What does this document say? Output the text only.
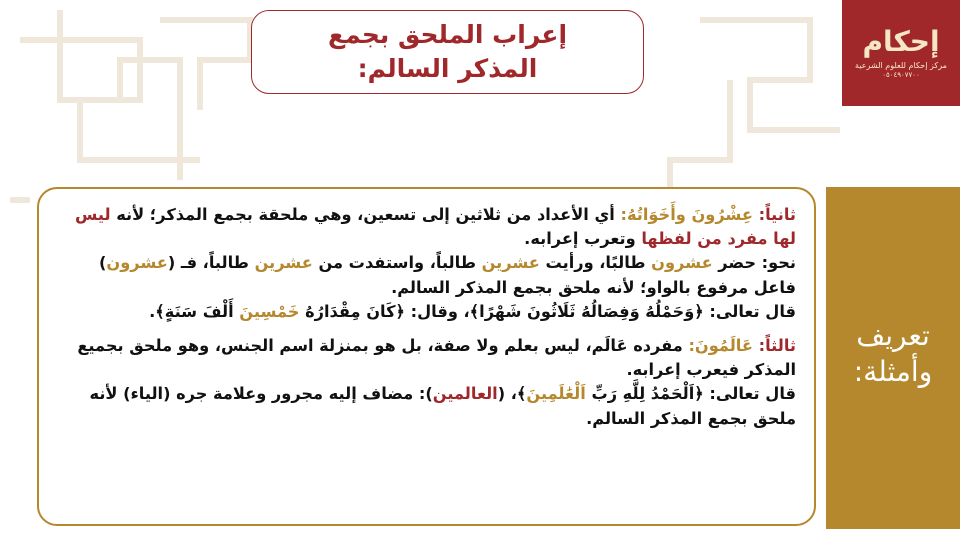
إعراب الملحق بجمع
المذكر السالم:
إحكام
مركز إحكام للعلوم الشرعية
٠٥٠٤٩٠٧٧٠٠
تعريف
وأمثلة:

ثانياً: عِشْرُونَ وأَخَوَاتُهُ: أي الأعداد من ثلاثين إلى تسعين، وهي ملحقة بجمع المذكر؛ لأنه ليس لها مفرد من لفظها وتعرب إعرابه.

نحو: حضر عشرون طالبًا، ورأيت عشرين طالباً، واستفدت من عشرين طالباً، فـ (عشرون) فاعل مرفوع بالواو؛ لأنه ملحق بجمع المذكر السالم.

قال تعالى: ﴿وَحَمْلُهُ وَفِصَالُهُ ثَلَاثُونَ شَهْرًا﴾، وقال: ﴿كَانَ مِقْدَارُهُ خَمْسِينَ أَلْفَ سَنَةٍ﴾.

ثالثاً: عَالَمُونَ: مفرده عَالَم، ليس بعلم ولا صفة، بل هو بمنزلة اسم الجنس، وهو ملحق بجميع المذكر فيعرب إعرابه.

قال تعالى: ﴿اَلْحَمْدُ لِلَّهِ رَبِّ اَلْعَٰلَمِينَ﴾، (العالمين): مضاف إليه مجرور وعلامة جره (الياء) لأنه ملحق بجمع المذكر السالم.
